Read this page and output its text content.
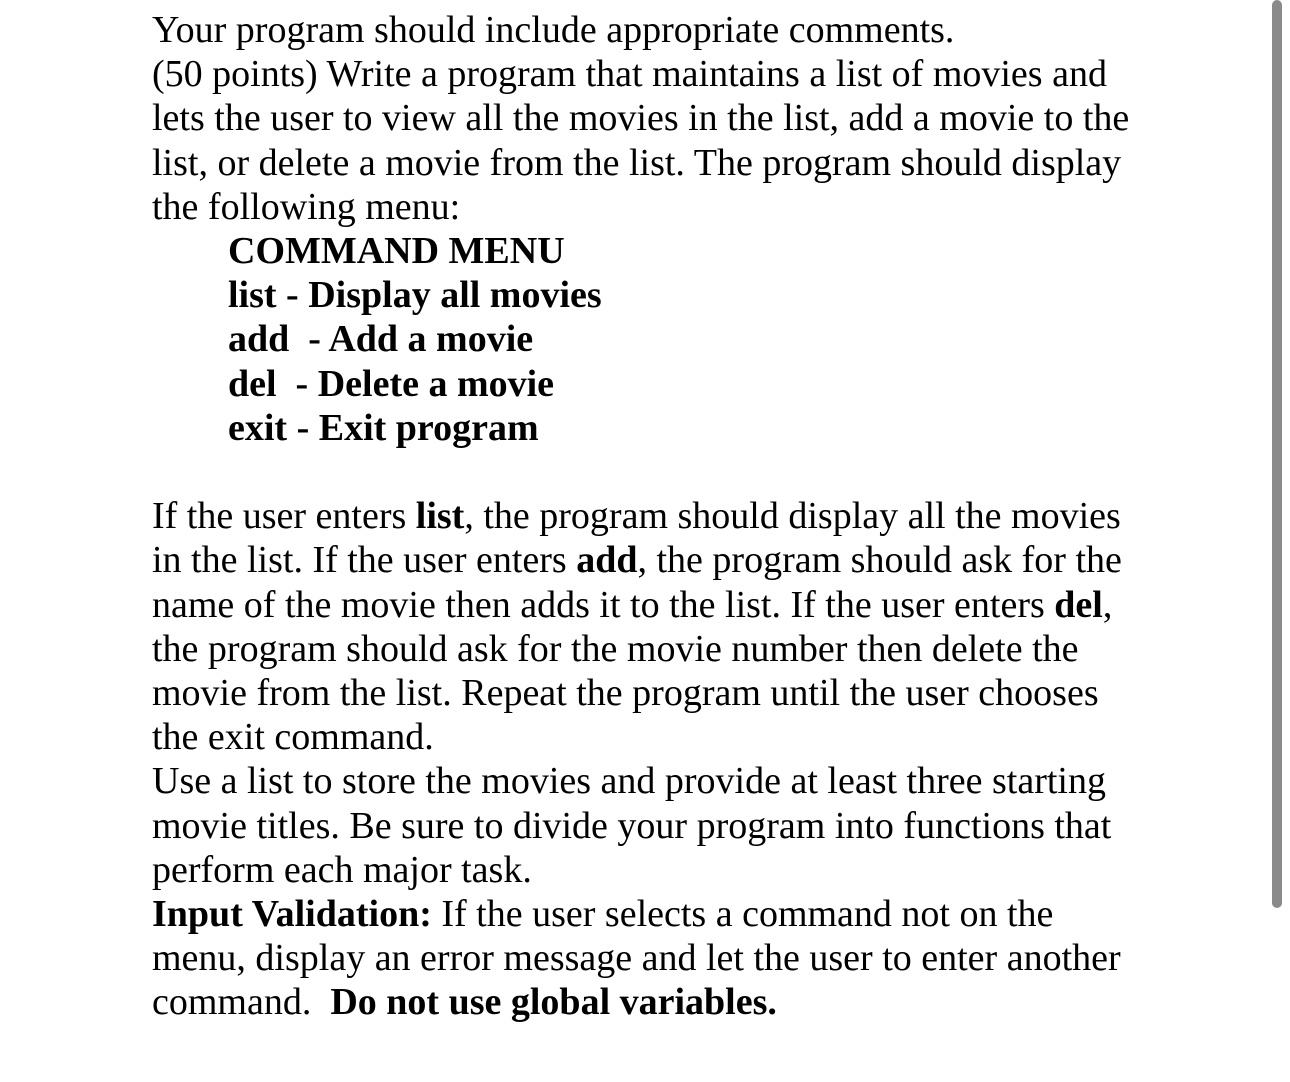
Your program should include appropriate comments.

(50 points) Write a program that maintains a list of movies and

lets the user to view all the movies in the list, add a movie to the

list, or delete a movie from the list. The program should display

the following menu:

COMMAND MENU

list - Display all movies

add  - Add a movie

del  - Delete a movie

exit - Exit program

If the user enters list, the program should display all the movies

in the list. If the user enters add, the program should ask for the

name of the movie then adds it to the list. If the user enters del,

the program should ask for the movie number then delete the

movie from the list. Repeat the program until the user chooses

the exit command.

Use a list to store the movies and provide at least three starting

movie titles. Be sure to divide your program into functions that

perform each major task.

Input Validation: If the user selects a command not on the

menu, display an error message and let the user to enter another

command.  Do not use global variables.
